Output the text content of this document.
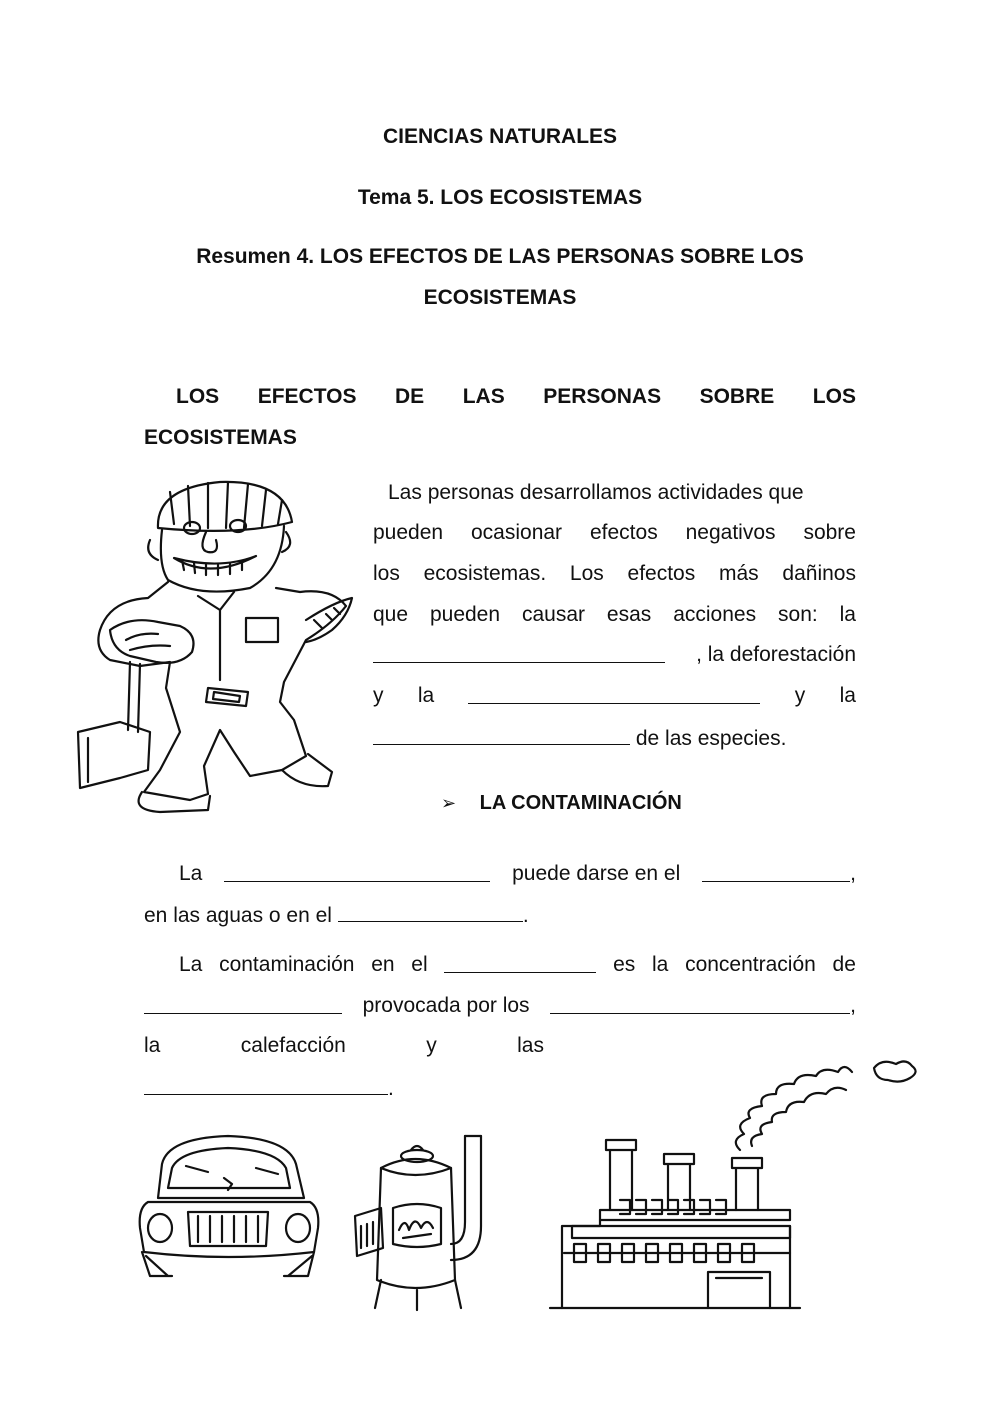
CIENCIAS NATURALES
Tema 5. LOS ECOSISTEMAS
Resumen 4. LOS EFECTOS DE LAS PERSONAS SOBRE LOS
ECOSISTEMAS
LOS EFECTOS DE LAS PERSONAS SOBRE LOS
ECOSISTEMAS
Las personas desarrollamos actividades que
pueden ocasionar efectos negativos sobre
los ecosistemas. Los efectos más dañinos
que pueden causar esas acciones son: la
, la deforestación
y la	y la
de las especies.
➢ LA CONTAMINACIÓN
La	puede darse en el	,
en las aguas o en el	.
La contaminación en el	es la concentración de
provocada por los	,
la	calefacción	y	las
.
